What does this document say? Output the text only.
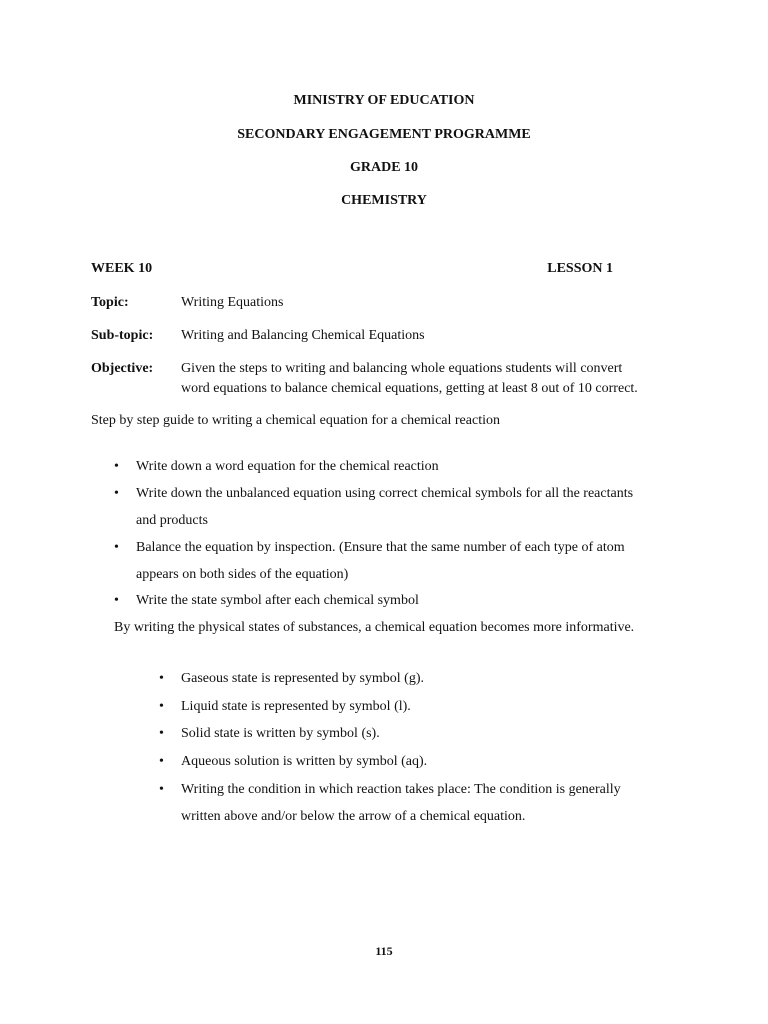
MINISTRY OF EDUCATION
SECONDARY ENGAGEMENT PROGRAMME
GRADE 10
CHEMISTRY
WEEK 10	LESSON 1
Topic:	Writing Equations
Sub-topic: Writing and Balancing Chemical Equations
Objective: Given the steps to writing and balancing whole equations students will convert
word equations to balance chemical equations, getting at least 8 out of 10 correct.
Step by step guide to writing a chemical equation for a chemical reaction
• Write down a word equation for the chemical reaction
• Write down the unbalanced equation using correct chemical symbols for all the reactants
and products
• Balance the equation by inspection. (Ensure that the same number of each type of atom
appears on both sides of the equation)
• Write the state symbol after each chemical symbol
By writing the physical states of substances, a chemical equation becomes more informative.
• Gaseous state is represented by symbol (g).
• Liquid state is represented by symbol (l).
• Solid state is written by symbol (s).
• Aqueous solution is written by symbol (aq).
• Writing the condition in which reaction takes place: The condition is generally
written above and/or below the arrow of a chemical equation.
115
